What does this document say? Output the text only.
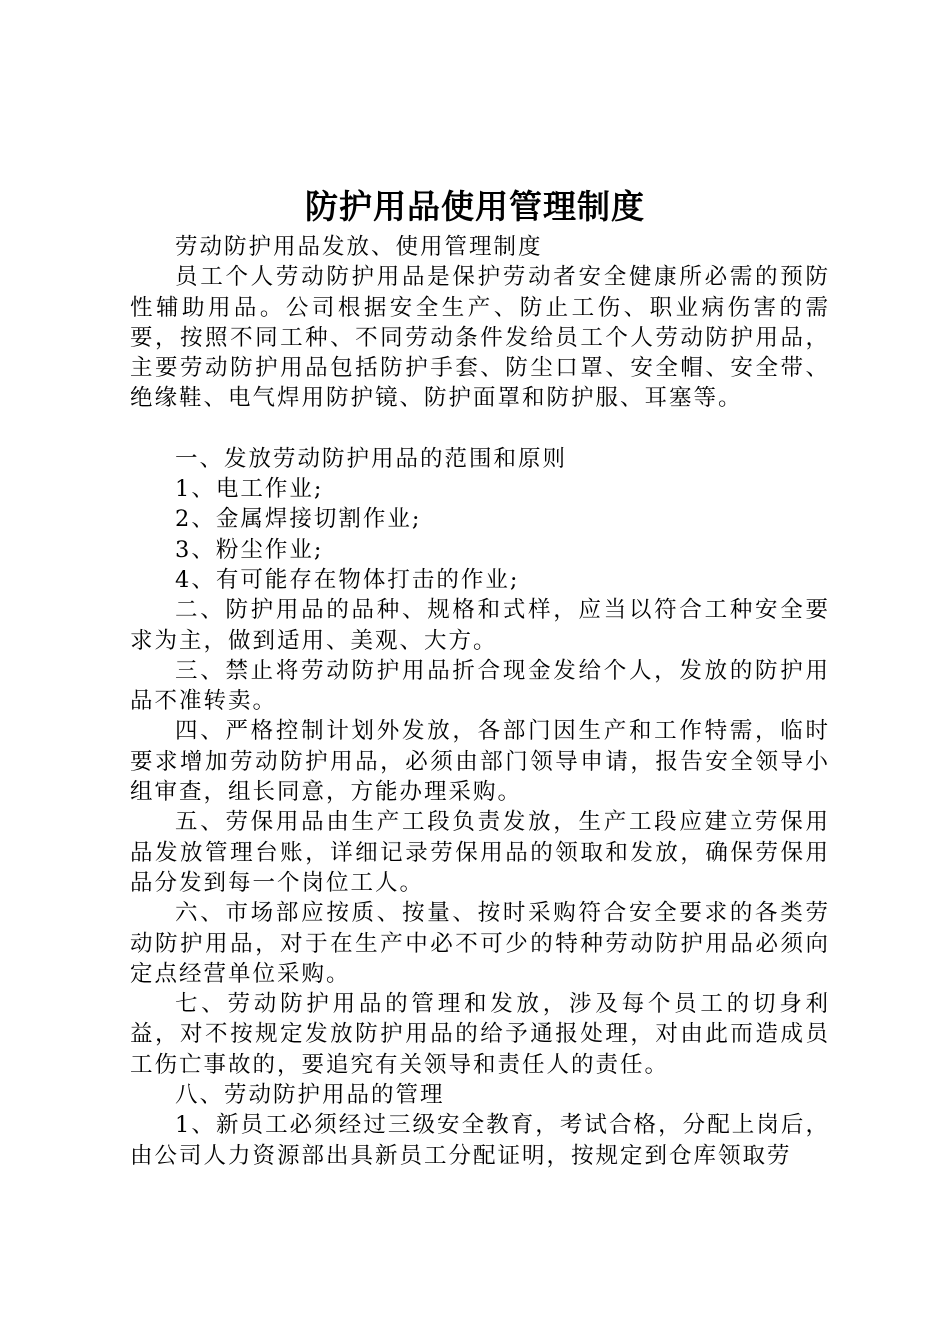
防护用品使用管理制度

劳动防护用品发放、使用管理制度

员工个人劳动防护用品是保护劳动者安全健康所必需的预防性辅助用品。公司根据安全生产、防止工伤、职业病伤害的需要，按照不同工种、不同劳动条件发给员工个人劳动防护用品，主要劳动防护用品包括防护手套、防尘口罩、安全帽、安全带、绝缘鞋、电气焊用防护镜、防护面罩和防护服、耳塞等。

一、发放劳动防护用品的范围和原则

1、电工作业;

2、金属焊接切割作业;

3、粉尘作业;

4、有可能存在物体打击的作业;

二、防护用品的品种、规格和式样，应当以符合工种安全要求为主，做到适用、美观、大方。

三、禁止将劳动防护用品折合现金发给个人，发放的防护用品不准转卖。

四、严格控制计划外发放，各部门因生产和工作特需，临时要求增加劳动防护用品，必须由部门领导申请，报告安全领导小组审查，组长同意，方能办理采购。

五、劳保用品由生产工段负责发放，生产工段应建立劳保用品发放管理台账，详细记录劳保用品的领取和发放，确保劳保用品分发到每一个岗位工人。

六、市场部应按质、按量、按时采购符合安全要求的各类劳动防护用品，对于在生产中必不可少的特种劳动防护用品必须向定点经营单位采购。

七、劳动防护用品的管理和发放，涉及每个员工的切身利益，对不按规定发放防护用品的给予通报处理，对由此而造成员工伤亡事故的，要追究有关领导和责任人的责任。

八、劳动防护用品的管理

1、新员工必须经过三级安全教育，考试合格，分配上岗后，由公司人力资源部出具新员工分配证明，按规定到仓库领取劳
